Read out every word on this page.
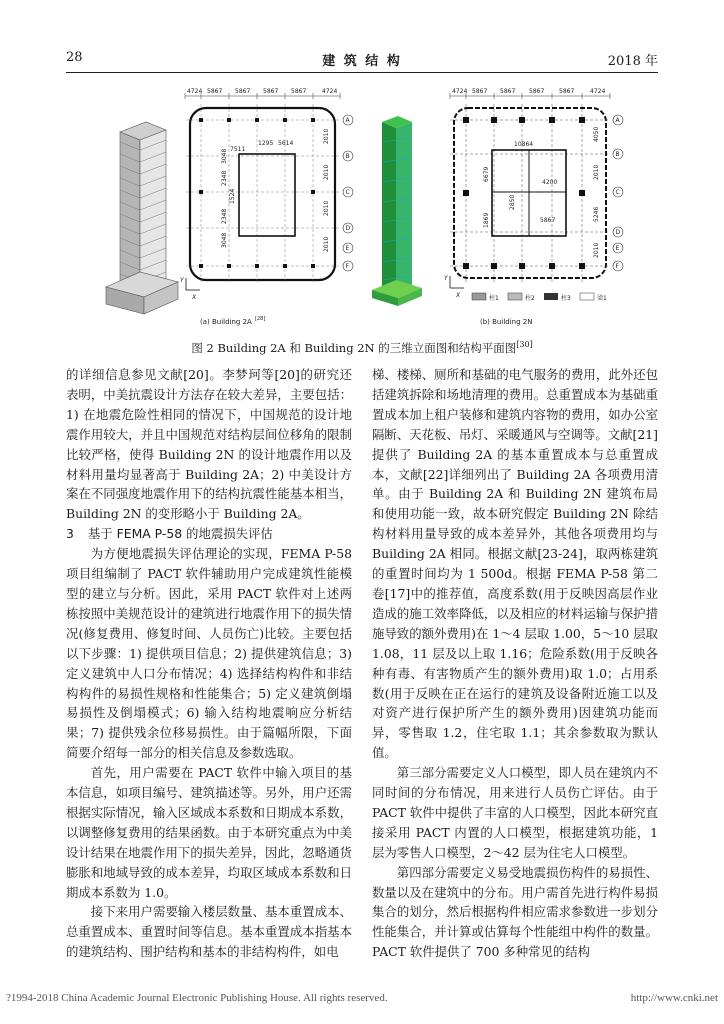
28	建 筑 结 构	2018 年
4724 5867 5867 5867 5867	4724
7511
1295 5614
3048
2348
1524
2348
3048
2010
2010
2010
2010
A
B
C
D
E
F
X
Y
(a) Building 2A [28]
4724 5867 5867 5867 5867	4724
10864
4200
5867
6679
2850
1869
4050
2010
5246
2010
A
B
C
D
E
F
X
Y
柱1	柱2	柱3	梁1
(b) Building 2N
图 2 Building 2A 和 Building 2N 的三维立面图和结构平面图[30]

的详细信息参见文献[20]。李梦珂等[20]的研究还表明，中美抗震设计方法存在较大差异，主要包括：1) 在地震危险性相同的情况下，中国规范的设计地震作用较大，并且中国规范对结构层间位移角的限制比较严格，使得 Building 2N 的设计地震作用以及材料用量均显著高于 Building 2A；2) 中美设计方案在不同强度地震作用下的结构抗震性能基本相当，Building 2N 的变形略小于 Building 2A。

3 基于 FEMA P-58 的地震损失评估

为方便地震损失评估理论的实现，FEMA P-58 项目组编制了 PACT 软件辅助用户完成建筑性能模型的建立与分析。因此，采用 PACT 软件对上述两栋按照中美规范设计的建筑进行地震作用下的损失情况(修复费用、修复时间、人员伤亡)比较。主要包括以下步骤：1) 提供项目信息；2) 提供建筑信息；3) 定义建筑中人口分布情况；4) 选择结构构件和非结构构件的易损性规格和性能集合；5) 定义建筑倒塌易损性及倒塌模式；6) 输入结构地震响应分析结果；7) 提供残余位移易损性。由于篇幅所限，下面简要介绍每一部分的相关信息及参数选取。

首先，用户需要在 PACT 软件中输入项目的基本信息，如项目编号、建筑描述等。另外，用户还需根据实际情况，输入区域成本系数和日期成本系数，以调整修复费用的结果函数。由于本研究重点为中美设计结果在地震作用下的损失差异，因此，忽略通货膨胀和地域导致的成本差异，均取区域成本系数和日期成本系数为 1.0。

接下来用户需要输入楼层数量、基本重置成本、总重置成本、重置时间等信息。基本重置成本指基本的建筑结构、围护结构和基本的非结构构件，如电

梯、楼梯、厕所和基础的电气服务的费用，此外还包括建筑拆除和场地清理的费用。总重置成本为基础重置成本加上租户装修和建筑内容物的费用，如办公室隔断、天花板、吊灯、采暖通风与空调等。文献[21]提供了 Building 2A 的基本重置成本与总重置成本，文献[22]详细列出了 Building 2A 各项费用清单。由于 Building 2A 和 Building 2N 建筑布局和使用功能一致，故本研究假定 Building 2N 除结构材料用量导致的成本差异外，其他各项费用均与 Building 2A 相同。根据文献[23-24]，取两栋建筑的重置时间均为 1 500d。根据 FEMA P-58 第二卷[17]中的推荐值，高度系数(用于反映因高层作业造成的施工效率降低，以及相应的材料运输与保护措施导致的额外费用)在 1～4 层取 1.00，5～10 层取 1.08，11 层及以上取 1.16；危险系数(用于反映各种有毒、有害物质产生的额外费用)取 1.0；占用系数(用于反映在正在运行的建筑及设备附近施工以及对资产进行保护所产生的额外费用)因建筑功能而异，零售取 1.2，住宅取 1.1；其余参数取为默认值。

第三部分需要定义人口模型，即人员在建筑内不同时间的分布情况，用来进行人员伤亡评估。由于 PACT 软件中提供了丰富的人口模型，因此本研究直接采用 PACT 内置的人口模型，根据建筑功能，1 层为零售人口模型，2～42 层为住宅人口模型。

第四部分需要定义易受地震损伤构件的易损性、数量以及在建筑中的分布。用户需首先进行构件易损集合的划分，然后根据构件相应需求参数进一步划分性能集合，并计算或估算每个性能组中构件的数量。PACT 软件提供了 700 多种常见的结构

?1994-2018 China Academic Journal Electronic Publishing House. All rights reserved.	http://www.cnki.net
